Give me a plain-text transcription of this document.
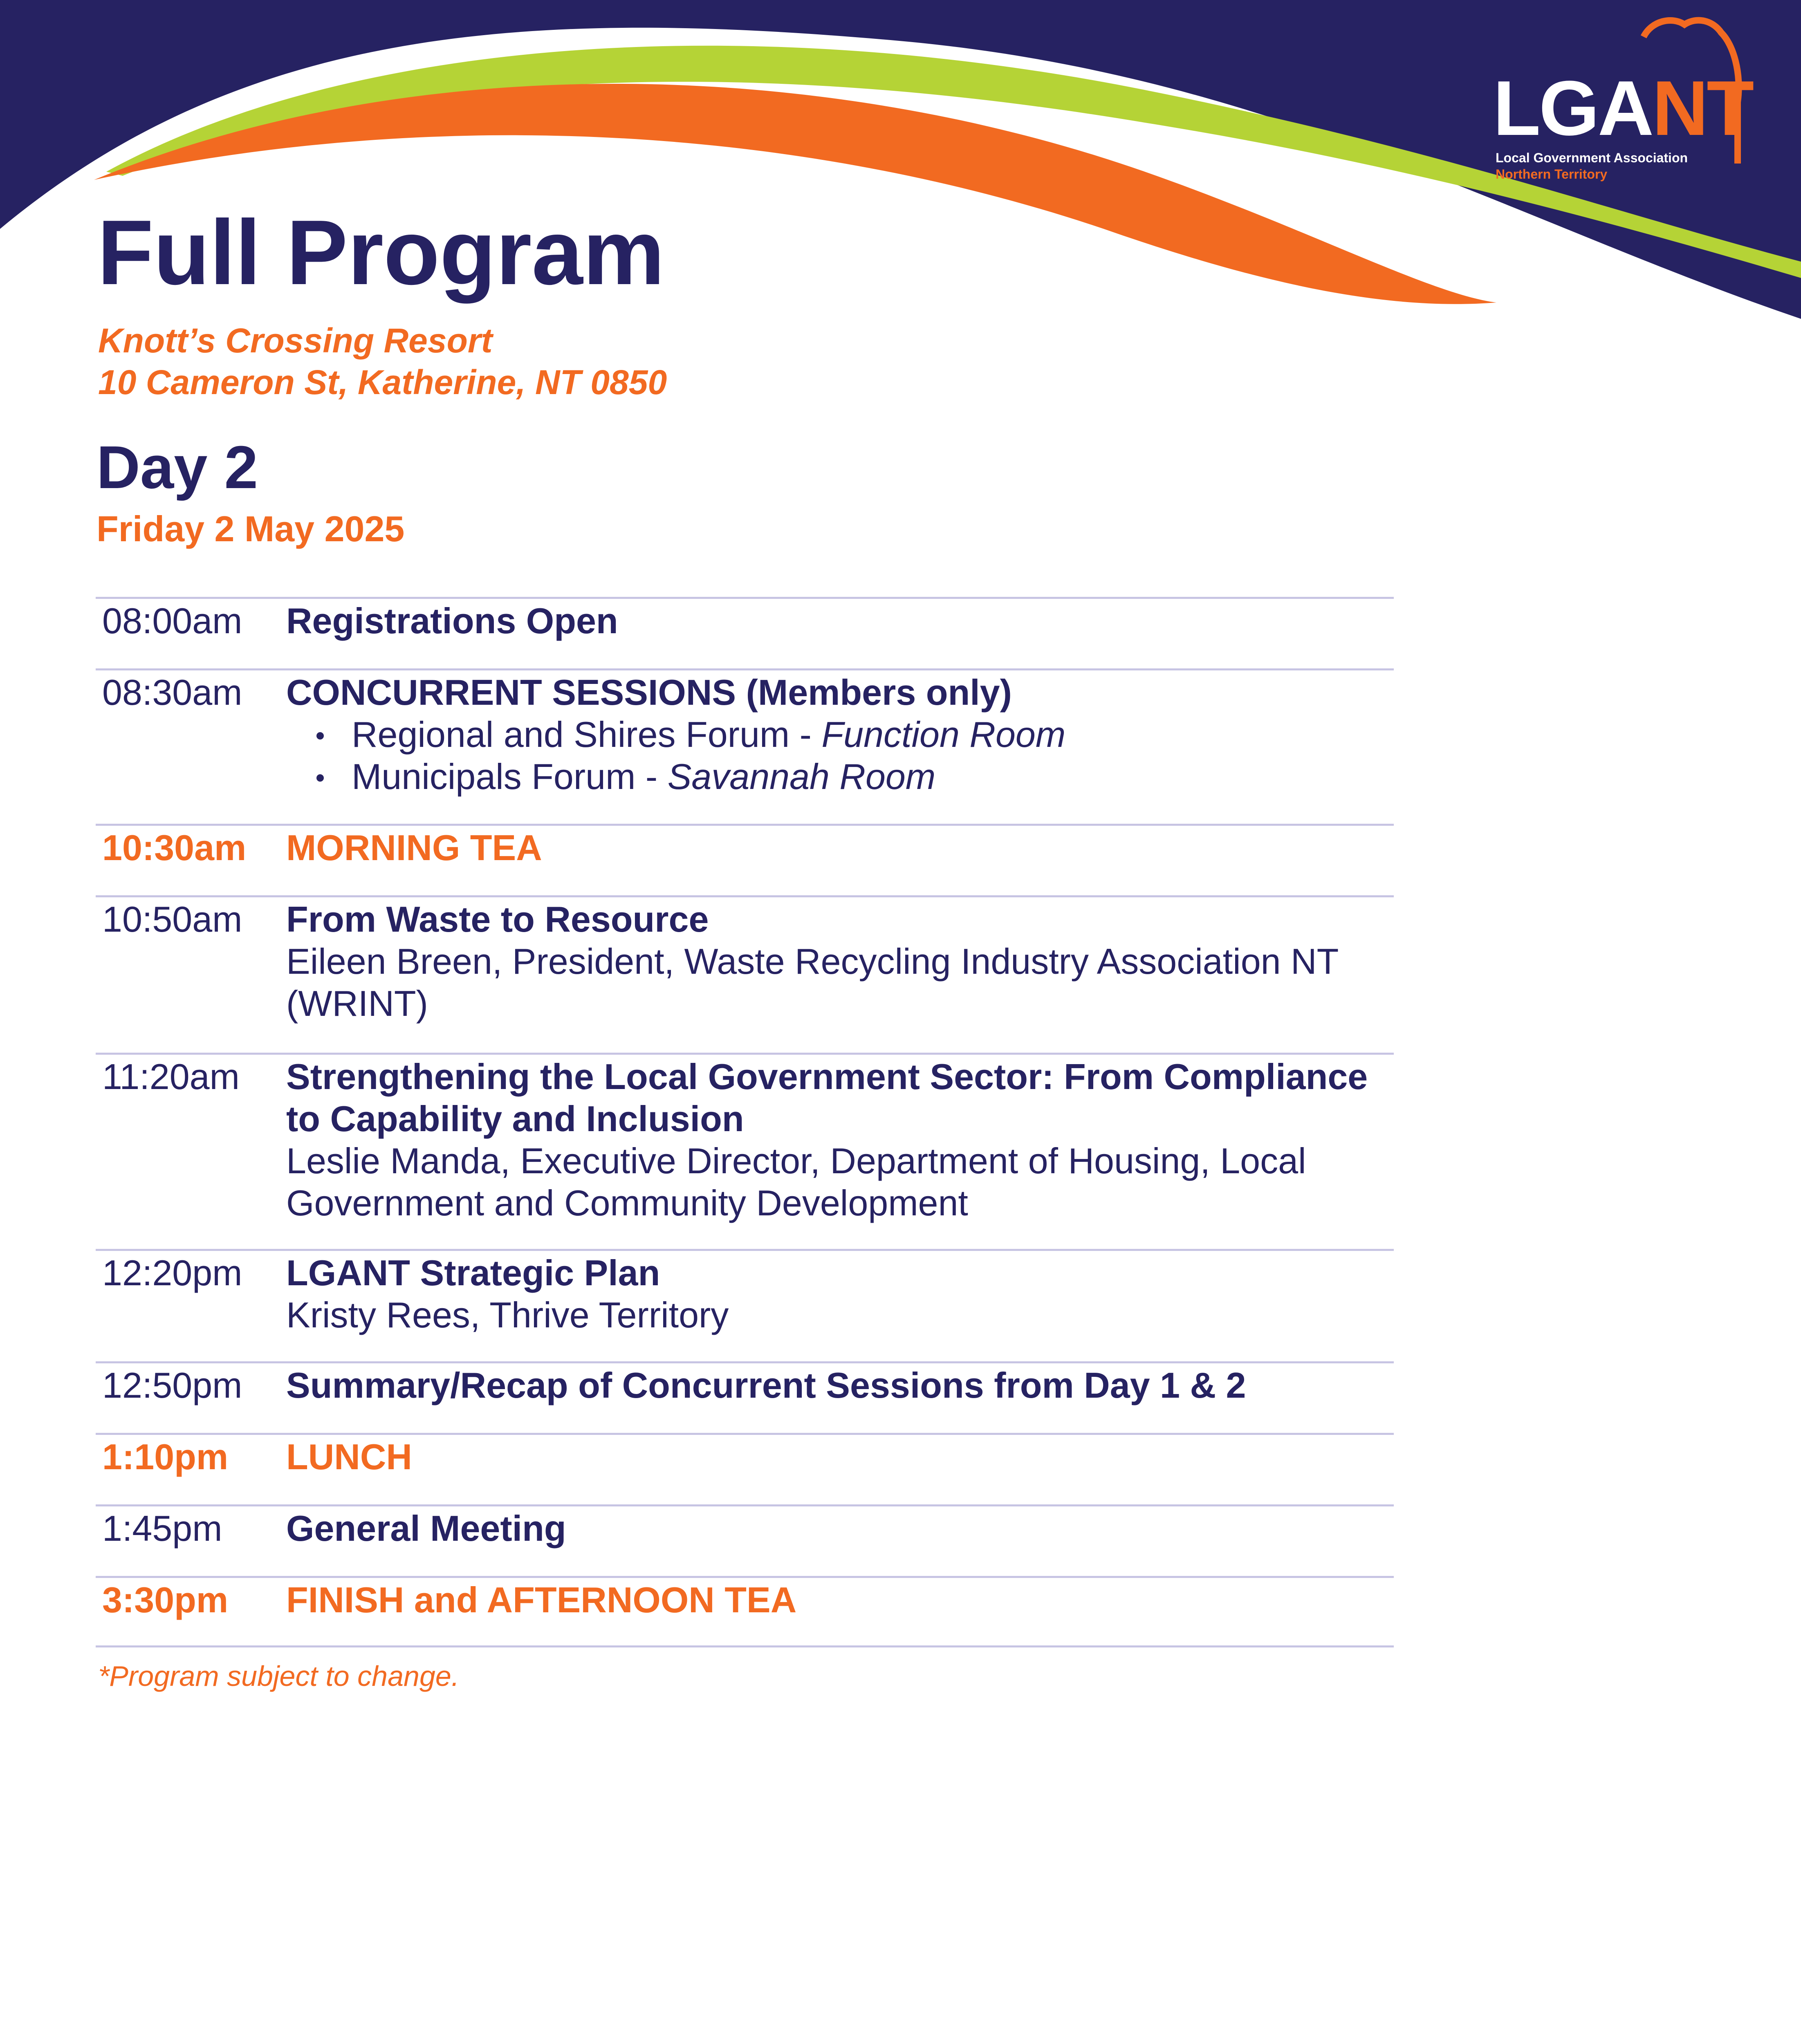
LGANT
Local Government Association
Northern Territory
Full Program
Knott’s Crossing Resort
10 Cameron St, Katherine, NT 0850
Day 2
Friday 2 May 2025
08:00am	Registrations Open
08:30am	CONCURRENT SESSIONS (Members only)
Regional and Shires Forum - Function Room
Municipals Forum - Savannah Room
10:30am	MORNING TEA
10:50am	From Waste to Resource
Eileen Breen, President, Waste Recycling Industry Association NT (WRINT)
11:20am	Strengthening the Local Government Sector: From Compliance to Capability and Inclusion
Leslie Manda, Executive Director, Department of Housing, Local Government and Community Development
12:20pm	LGANT Strategic Plan
Kristy Rees, Thrive Territory
12:50pm	Summary/Recap of Concurrent Sessions from Day 1 & 2
1:10pm	LUNCH
1:45pm	General Meeting
3:30pm	FINISH and AFTERNOON TEA
*Program subject to change.
